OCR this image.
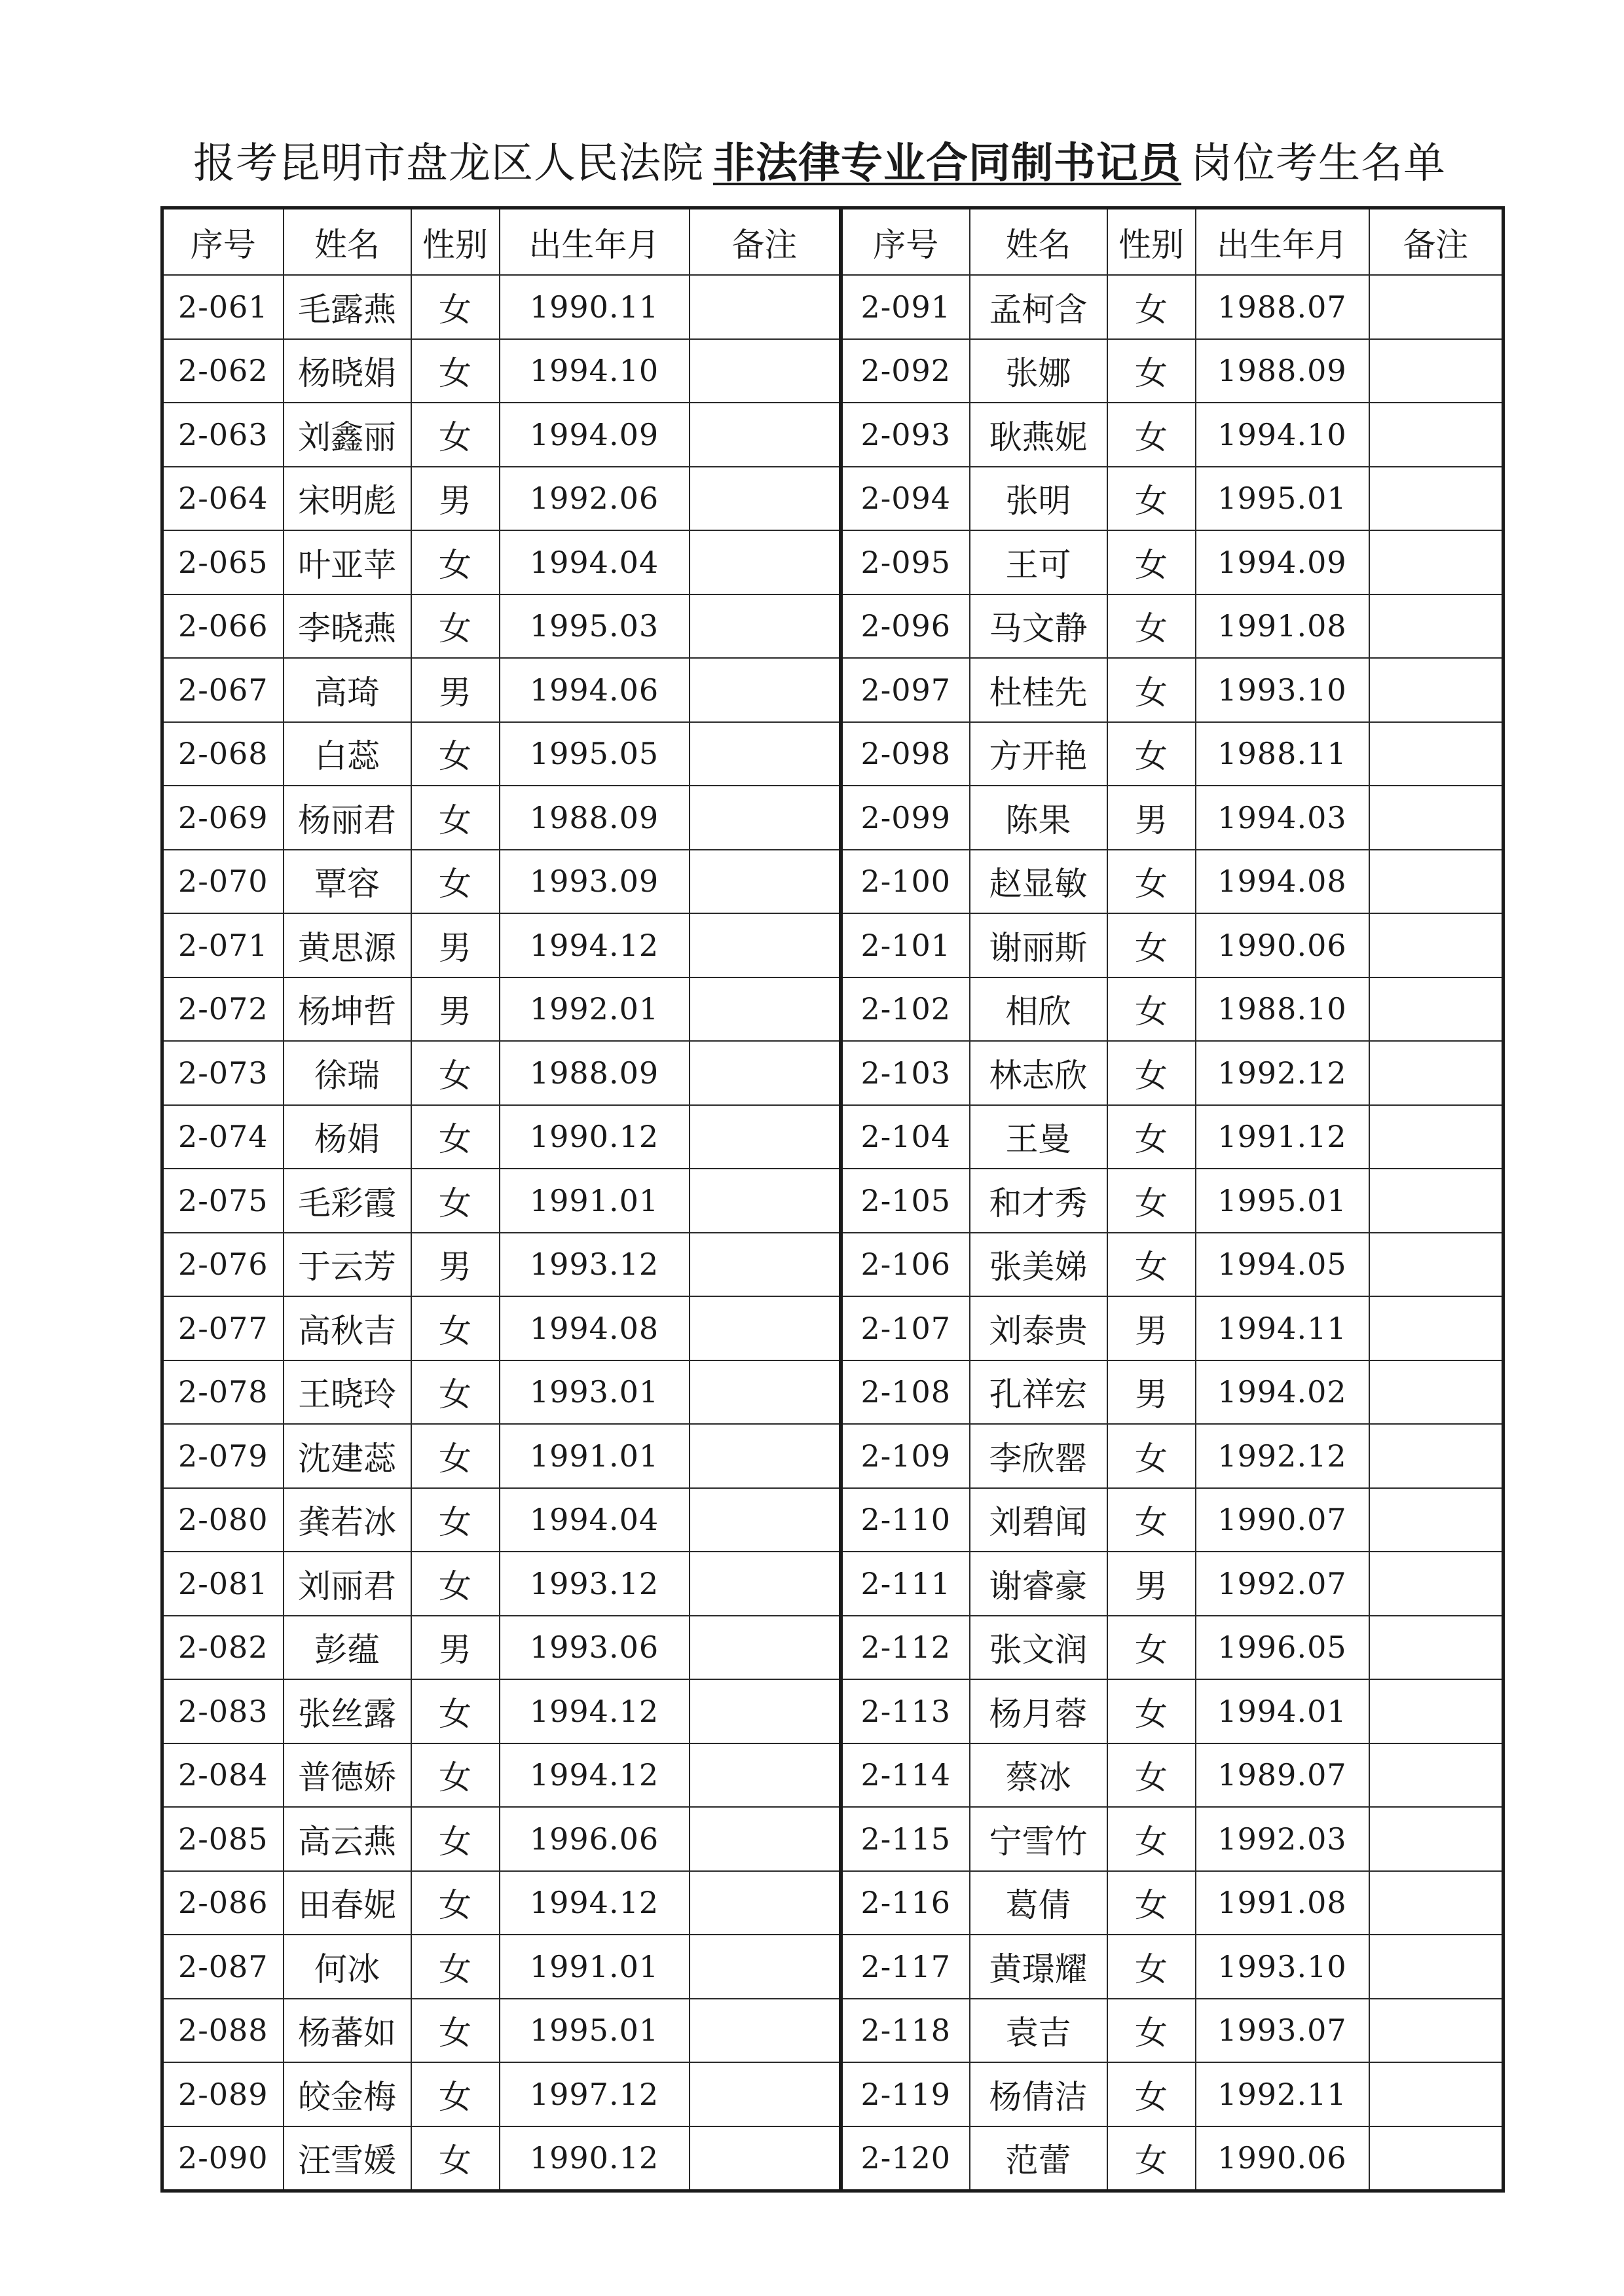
报考昆明市盘龙区人民法院 非法律专业合同制书记员 岗位考生名单
序号	姓名	性别	出生年月	备注
2-061	毛露燕	女	1990.11	
2-062	杨晓娟	女	1994.10	
2-063	刘鑫丽	女	1994.09	
2-064	宋明彪	男	1992.06	
2-065	叶亚苹	女	1994.04	
2-066	李晓燕	女	1995.03	
2-067	高琦	男	1994.06	
2-068	白蕊	女	1995.05	
2-069	杨丽君	女	1988.09	
2-070	覃容	女	1993.09	
2-071	黄思源	男	1994.12	
2-072	杨坤哲	男	1992.01	
2-073	徐瑞	女	1988.09	
2-074	杨娟	女	1990.12	
2-075	毛彩霞	女	1991.01	
2-076	于云芳	男	1993.12	
2-077	高秋吉	女	1994.08	
2-078	王晓玲	女	1993.01	
2-079	沈建蕊	女	1991.01	
2-080	龚若冰	女	1994.04	
2-081	刘丽君	女	1993.12	
2-082	彭蕴	男	1993.06	
2-083	张丝露	女	1994.12	
2-084	普德娇	女	1994.12	
2-085	高云燕	女	1996.06	
2-086	田春妮	女	1994.12	
2-087	何冰	女	1991.01	
2-088	杨蕃如	女	1995.01	
2-089	皎金梅	女	1997.12	
2-090	汪雪媛	女	1990.12	
序号	姓名	性别	出生年月	备注
2-091	孟柯含	女	1988.07	
2-092	张娜	女	1988.09	
2-093	耿燕妮	女	1994.10	
2-094	张明	女	1995.01	
2-095	王可	女	1994.09	
2-096	马文静	女	1991.08	
2-097	杜桂先	女	1993.10	
2-098	方开艳	女	1988.11	
2-099	陈果	男	1994.03	
2-100	赵显敏	女	1994.08	
2-101	谢丽斯	女	1990.06	
2-102	相欣	女	1988.10	
2-103	林志欣	女	1992.12	
2-104	王曼	女	1991.12	
2-105	和才秀	女	1995.01	
2-106	张美娣	女	1994.05	
2-107	刘泰贵	男	1994.11	
2-108	孔祥宏	男	1994.02	
2-109	李欣罂	女	1992.12	
2-110	刘碧闻	女	1990.07	
2-111	谢睿豪	男	1992.07	
2-112	张文润	女	1996.05	
2-113	杨月蓉	女	1994.01	
2-114	蔡冰	女	1989.07	
2-115	宁雪竹	女	1992.03	
2-116	葛倩	女	1991.08	
2-117	黄璟耀	女	1993.10	
2-118	袁吉	女	1993.07	
2-119	杨倩洁	女	1992.11	
2-120	范蕾	女	1990.06	
